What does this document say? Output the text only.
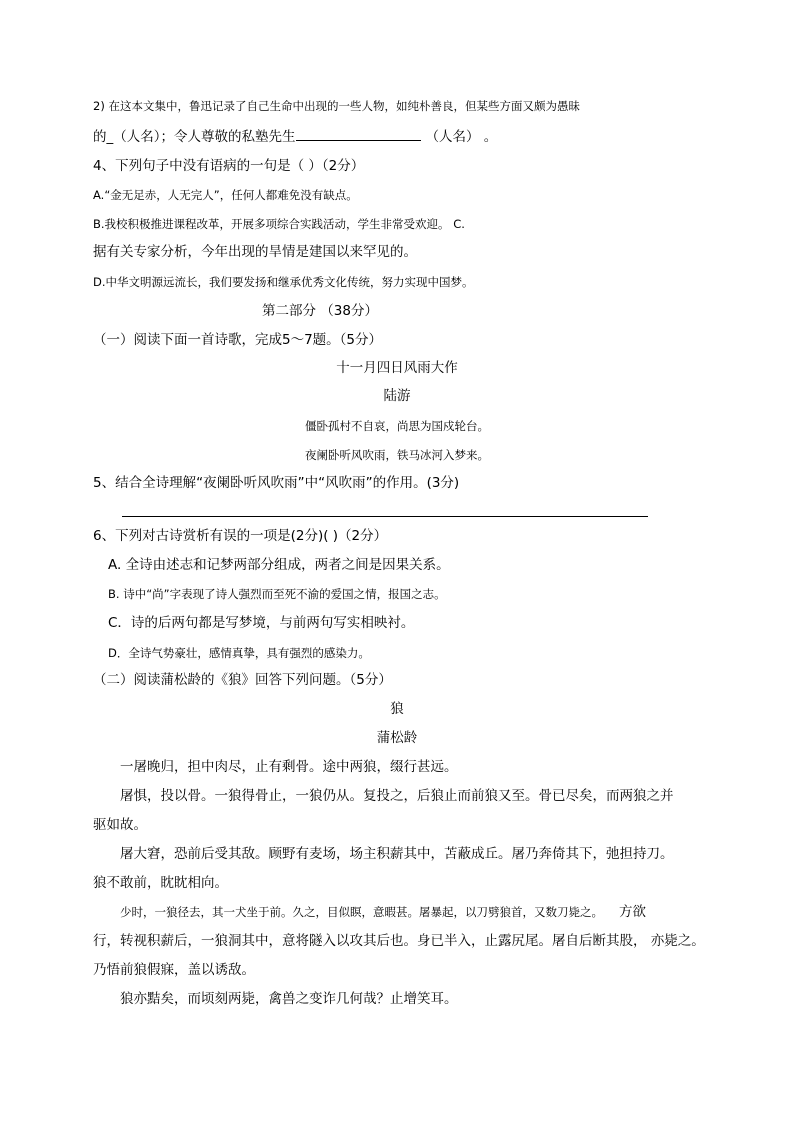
2) 在这本文集中，鲁迅记录了自己生命中出现的一些人物，如纯朴善良，但某些方面又颇为愚昧
的_（人名）；令人尊敬的私塾先生	（人名） 。
4、下列句子中没有语病的一句是（ ）（2分）
A.“金无足赤，人无完人”，任何人都难免没有缺点。
B.我校积极推进课程改革，开展多项综合实践活动，学生非常受欢迎。 C.
据有关专家分析，今年出现的旱情是建国以来罕见的。
D.中华文明源远流长，我们要发扬和继承优秀文化传统，努力实现中国梦。
第二部分 （38分）
（一）阅读下面一首诗歌，完成5～7题。（5分）
十一月四日风雨大作
陆游
僵卧孤村不自哀，尚思为国戍轮台。
夜阑卧听风吹雨，铁马冰河入梦来。
5、结合全诗理解“夜阑卧听风吹雨”中“风吹雨”的作用。(3分)
6、下列对古诗赏析有误的一项是(2分)( )（2分）
A. 全诗由述志和记梦两部分组成，两者之间是因果关系。
B. 诗中“尚”字表现了诗人强烈而至死不渝的爱国之情，报国之志。
C．诗的后两句都是写梦境，与前两句写实相映衬。
D．全诗气势豪壮，感情真挚，具有强烈的感染力。
（二）阅读蒲松龄的《狼》回答下列问题。（5分）
狼
蒲松龄
一屠晚归，担中肉尽，止有剩骨。途中两狼，缀行甚远。
屠惧，投以骨。一狼得骨止，一狼仍从。复投之，后狼止而前狼又至。骨已尽矣，而两狼之并
驱如故。
屠大窘，恐前后受其敌。顾野有麦场，场主积薪其中，苫蔽成丘。屠乃奔倚其下，弛担持刀。
狼不敢前，眈眈相向。
少时，一狼径去，其一犬坐于前。久之，目似瞑，意暇甚。屠暴起，以刀劈狼首，又数刀毙之。 方欲
行，转视积薪后，一狼洞其中，意将隧入以攻其后也。身已半入，止露尻尾。屠自后断其股， 亦毙之。
乃悟前狼假寐，盖以诱敌。
狼亦黠矣，而顷刻两毙，禽兽之变诈几何哉？止增笑耳。
